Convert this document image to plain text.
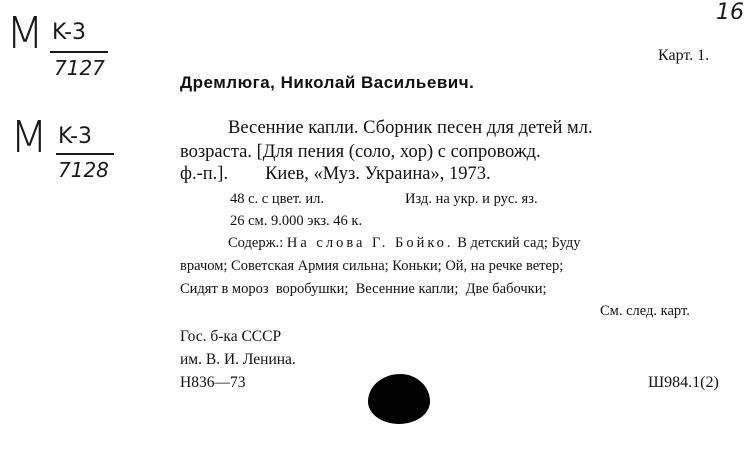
16
M K-3
7127
M K-3
7128
Карт. 1.
Дремлюга, Николай Васильевич.
Весенние капли. Сборник песен для детей мл.
возраста. [Для пения (соло, хор) с сопровожд.
ф.-п.].        Киев, «Муз. Украина», 1973.
48 с. с цвет. ил.	Изд. на укр. и рус. яз.
26 см. 9.000 экз. 46 к.
Содерж.: На слова Г. Бойко. В детский сад; Буду
врачом; Советская Армия сильна; Коньки; Ой, на речке ветер;
Сидят в мороз  воробушки;  Весенние капли;  Две бабочки;
См. след. карт.
Гос. б-ка СССР
им. В. И. Ленина.
Н836—73	Ш984.1(2)
